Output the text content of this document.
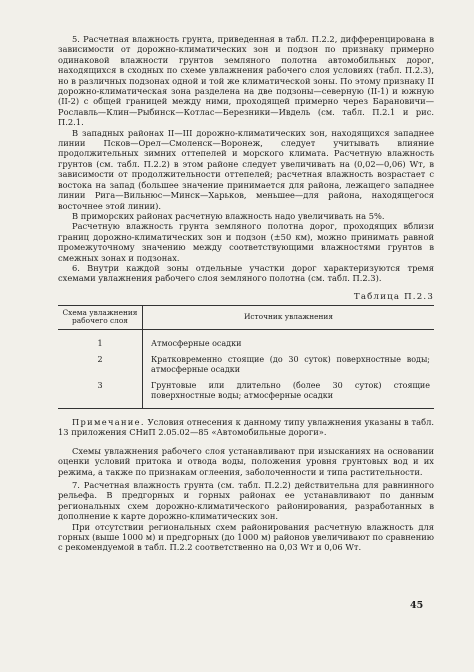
5. Расчетная влажность грунта, приведенная в табл. П.2.2, дифференцирована в зависимости от дорожно-климатических зон и подзон по признаку примерно одинаковой влажности грунтов земляного полотна автомобильных дорог, находящихся в сходных по схеме увлажнения рабочего слоя условиях (табл. П.2.3), но в различных подзонах одной и той же климатической зоны. По этому признаку II дорожно-климатическая зона разделена на две подзоны—северную (II-1) и южную (II-2) с общей границей между ними, проходящей примерно через Барановичи—Рославль—Клин—Рыбинск—Котлас—Березники—Ивдель (см. табл. П.2.1 и рис. П.2.1.

В западных районах II—III дорожно-климатических зон, находящихся западнее линии Псков—Орел—Смоленск—Воронеж, следует учитывать влияние продолжительных зимних оттепелей и морского климата. Расчетную влажность грунтов (см. табл. П.2.2) в этом районе следует увеличивать на (0,02—0,06) Wт, в зависимости от продолжительности оттепелей; расчетная влажность возрастает с востока на запад (большее значение принимается для района, лежащего западнее линии Рига—Вильнюс—Минск—Харьков, меньшее—для района, находящегося восточнее этой линии).

В приморских районах расчетную влажность надо увеличивать на 5%.

Расчетную влажность грунта земляного полотна дорог, проходящих вблизи границ дорожно-климатических зон и подзон (±50 км), можно принимать равной промежуточному значению между соответствующими влажностями грунтов в смежных зонах и подзонах.

6. Внутри каждой зоны отдельные участки дорог характеризуются тремя схемами увлажнения рабочего слоя земляного полотна (см. табл. П.2.3).

Таблица П.2.3
Схема увлажнения рабочего слоя	Источник увлажнения
1	Атмосферные осадки
2	Кратковременно стоящие (до 30 суток) поверхностные воды; атмосферные осадки
3	Грунтовые или длительно (более 30 суток) стоящие поверхностные воды; атмосферные осадки

Примечание. Условия отнесения к данному типу увлажнения указаны в табл. 13 приложения СНиП 2.05.02—85 «Автомобильные дороги».

Схемы увлажнения рабочего слоя устанавливают при изысканиях на основании оценки условий притока и отвода воды, положения уровня грунтовых вод и их режима, а также по признакам оглеения, заболоченности и типа растительности.

7. Расчетная влажность грунта (см. табл. П.2.2) действительна для равнинного рельефа. В предгорных и горных районах ее устанавливают по данным региональных схем дорожно-климатического районирования, разработанных в дополнение к карте дорожно-климатических зон.

При отсутствии региональных схем районирования расчетную влажность для горных (выше 1000 м) и предгорных (до 1000 м) районов увеличивают по сравнению с рекомендуемой в табл. П.2.2 соответственно на 0,03 Wт и 0,06 Wт.

45
